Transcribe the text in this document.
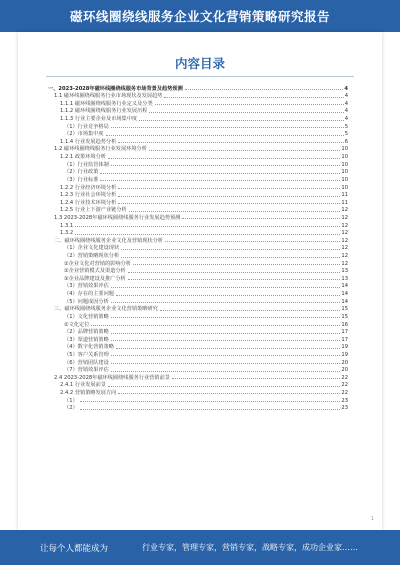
磁环线圈绕线服务企业文化营销策略研究报告
内容目录
一、2023-2028年磁环线圈绕线服务市场背景及趋势预测	4
1.1 磁环线圈绕线服务行业市场现状及发展趋势	4
1.1.1 磁环线圈绕线服务行业定义及分类	4
1.1.2 磁环线圈绕线服务行业发展历程	4
1.1.3 行业主要企业及市场集中度	4
（1）行业竞争格局	5
（2）市场集中度	5
1.1.4 行业发展趋势分析	6
1.2 磁环线圈绕线服务行业发展环境分析	10
1.2.1 政策环境分析	10
（1）行业监管体制	10
（2）行业政策	10
（3）行业标准	10
1.2.2 行业经济环境分析	10
1.2.3 行业社会环境分析	11
1.2.4 行业技术环境分析	11
1.2.5 行业上下游产业链分析	12
1.3 2023-2028年磁环线圈绕线服务行业发展趋势预测	12
1.3.1	12
1.3.2	12
二、磁环线圈绕线服务企业文化及营销现状分析	12
（1）企业文化建设现状	12
（2）营销策略现状分析	12
①企业文化对营销的影响分析	12
②企业营销模式及渠道分析	13
③企业品牌建设及推广分析	13
（3）营销效果评估	14
（4）存在的主要问题	14
（5）问题成因分析	14
三、磁环线圈绕线服务企业文化营销策略研究	15
（1）文化营销策略	15
①文化定位	16
（2）品牌营销策略	17
（3）渠道营销策略	17
（4）数字化营销策略	19
（5）客户关系管理	19
（6）营销团队建设	20
（7）营销效果评估	20
2.4 2023-2028年磁环线圈绕线服务行业营销前景	22
2.4.1 行业发展前景	22
2.4.2 营销策略发展方向	22
（1）	23
（2）	23
1
让每个人都能成为	行业专家，管理专家，营销专家，战略专家，成功企业家……
